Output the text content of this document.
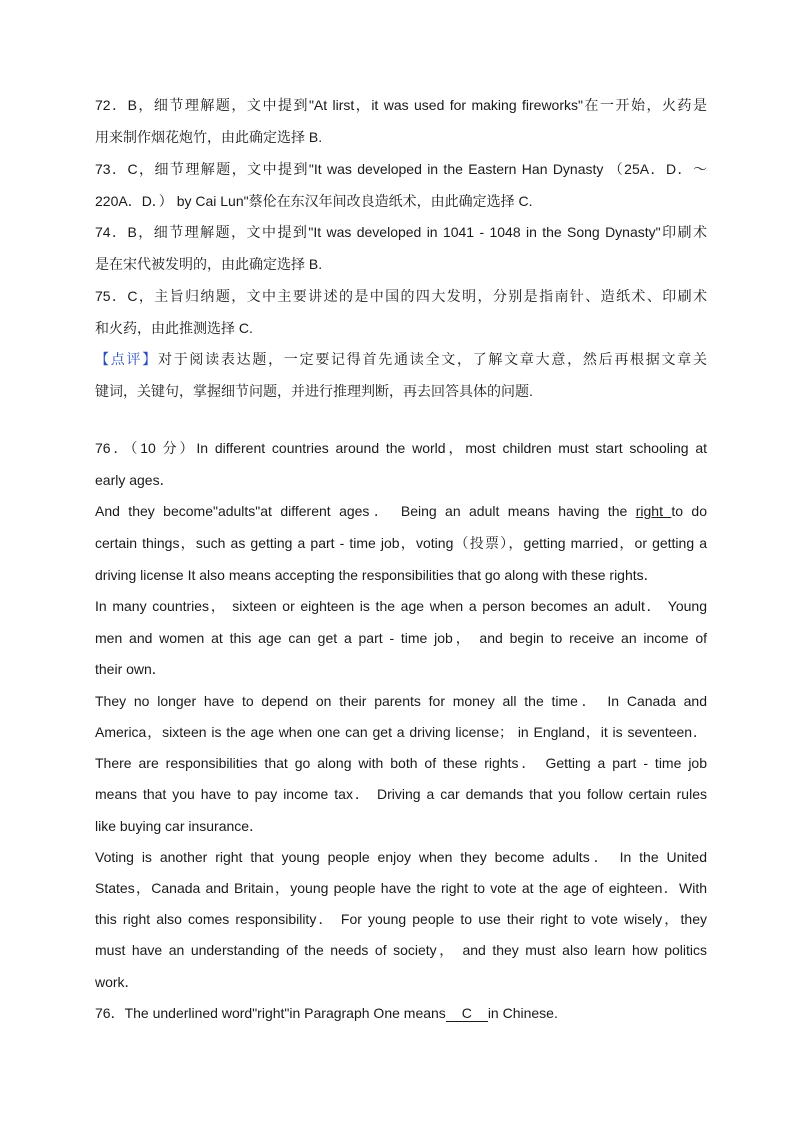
72．B，细节理解题，文中提到"At lirst，it was used for making fireworks"在一开始，火药是
用来制作烟花炮竹，由此确定选择 B.
73．C，细节理解题，文中提到"It was developed in the Eastern Han Dynasty （25A．D．～
220A．D．） by Cai Lun"蔡伦在东汉年间改良造纸术，由此确定选择 C.
74．B，细节理解题，文中提到"It was developed in 1041 - 1048 in the Song Dynasty"印刷术
是在宋代被发明的，由此确定选择 B.
75．C，主旨归纳题，文中主要讲述的是中国的四大发明，分别是指南针、造纸术、印刷术
和火药，由此推测选择 C.
【点评】对于阅读表达题，一定要记得首先通读全文，了解文章大意，然后再根据文章关
键词，关键句，掌握细节问题，并进行推理判断，再去回答具体的问题.
76．（10 分）In different countries around the world，most children must start schooling at
early ages．
And they become"adults"at different ages． Being an adult means having the right to do
certain things，such as getting a part - time job，voting（投票），getting married，or getting a
driving license It also means accepting the responsibilities that go along with these rights．
In many countries， sixteen or eighteen is the age when a person becomes an adult． Young
men and women at this age can get a part - time job， and begin to receive an income of
their own．
They no longer have to depend on their parents for money all the time． In Canada and
America，sixteen is the age when one can get a driving license； in England，it is seventeen．
There are responsibilities that go along with both of these rights． Getting a part - time job
means that you have to pay income tax． Driving a car demands that you follow certain rules
like buying car insurance．
Voting is another right that young people enjoy when they become adults． In the United
States，Canada and Britain，young people have the right to vote at the age of eighteen．With
this right also comes responsibility． For young people to use their right to vote wisely，they
must have an understanding of the needs of society， and they must also learn how politics
work．
76．The underlined word"right"in Paragraph One means C in Chinese.
